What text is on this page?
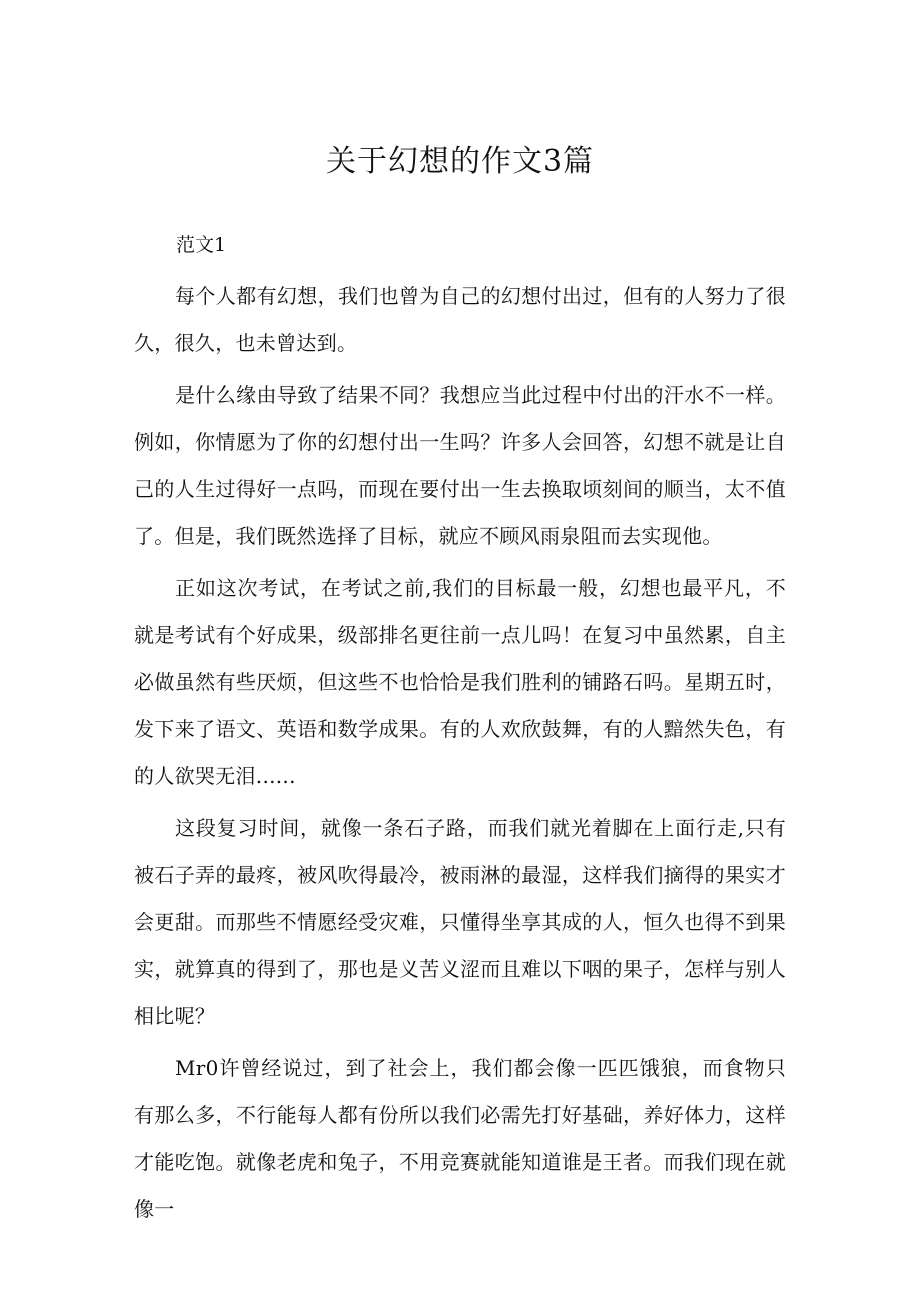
关于幻想的作文3篇

范文1

每个人都有幻想，我们也曾为自己的幻想付出过，但有的人努力了很久，很久，也未曾达到。

是什么缘由导致了结果不同？我想应当此过程中付出的汗水不一样。例如，你情愿为了你的幻想付出一生吗？许多人会回答，幻想不就是让自己的人生过得好一点吗，而现在要付出一生去换取顷刻间的顺当，太不值了。但是，我们既然选择了目标，就应不顾风雨泉阻而去实现他。

正如这次考试，在考试之前,我们的目标最一般，幻想也最平凡，不就是考试有个好成果，级部排名更往前一点儿吗！在复习中虽然累，自主必做虽然有些厌烦，但这些不也恰恰是我们胜利的铺路石吗。星期五时，发下来了语文、英语和数学成果。有的人欢欣鼓舞，有的人黯然失色，有的人欲哭无泪......

这段复习时间，就像一条石子路，而我们就光着脚在上面行走,只有被石子弄的最疼，被风吹得最冷，被雨淋的最湿，这样我们摘得的果实才会更甜。而那些不情愿经受灾难，只懂得坐享其成的人，恒久也得不到果实，就算真的得到了，那也是义苦义涩而且难以下咽的果子，怎样与别人相比呢？

Mr0许曾经说过，到了社会上，我们都会像一匹匹饿狼，而食物只有那么多，不行能每人都有份所以我们必需先打好基础，养好体力，这样才能吃饱。就像老虎和兔子，不用竞赛就能知道谁是王者。而我们现在就像一
